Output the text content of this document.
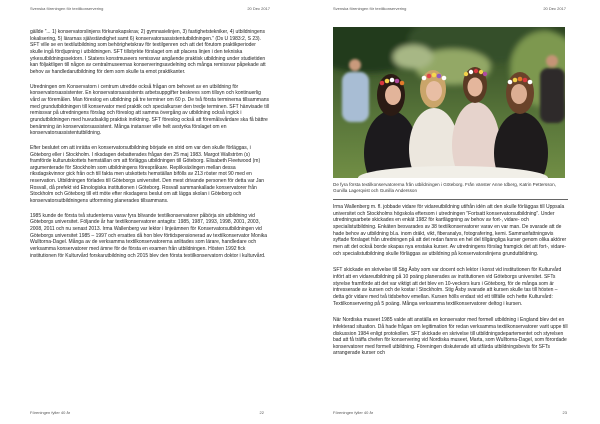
Svenska föreningen för textilkonservering	20 Dec 2017

gällde ”... 1) konservatorslinjens förkunskapskrav, 2) gymnasielinjen, 3) fastighetstekniker, 4) utbildningens lokalisering, 5) lärarnas självständighet samt 6) konservatorsassistentutbildningen.” (Ds U 1983:2, S 23). SFT ville se en textilutbildning som behörighetskrav för textilgenren och att det förutom praktikperioder skulle ingå fördjupning i utbildningen. SFT tillstyrkte förslaget om att placera linjen i den tekniska yrkesutbildningssektorn. I Statens konstmuseers remissvar angående praktisk utbildning under studietiden kan följaktligen till någon av centralmuseernas konserveringsavdelning och många remissvar påpekade att behov av handledarutbildning för dem som skulle ta emot praktikanter.

Utredningen om Konservatorn i centrum utredde också frågan om behovet av en utbildning för konservatorsassistenter. En konservatorsassistents arbetsuppgifter beskrevs som tillsyn och kontinuerlig vård av föremålen. Man föreslog en utbildning på tre terminer om 60 p. De två första terminerna tillsammans med grundutbildningen till konservator med praktik och specialkurser den tredje terminen. SFT hänvisade till remissvar på utredningens förslag och föreslog att samma övergång av utbildning också ingick i grundutbildningen med huvudsaklig praktisk inriktning. SFT föreslog också att föremålsvårdare ska få bättre benämning än konservatorsassistent. Många instanser ville helt avstyrka förslaget om en konservatorsassistentutbildning.

Efter beslutet om att inrätta en konservatorsutbildning började en strid om var den skulle förläggas, i Göteborg eller i Stockholm. I riksdagen debatterades frågan den 25 maj 1983. Margot Wallström (s) framförde kulturutskottets hemställan om att förlägga utbildningen till Göteborg. Elisabeth Fleetwood (m) argumenterade för Stockholm som utbildningens förespråkare. Replikväxlingen mellan dessa riksdagskvinnor gick från och till fakta men utskottets hemställan bifölls av 213 röster mot 90 med en reservation. Utbildningen förlades till Göteborgs universitet. Den mest drivande personen för detta var Jan Rosvall, då prefekt vid Etnologiska institutionen i Göteborg. Rosvall sammankallade konservatorer från Stockholm och Göteborg till ett möte efter riksdagens beslut om att lägga skolan i Göteborg och konservatorsutbildningens utformning planerades tillsammans.

1985 kunde de första två studenterna varav fyra blivande textilkonservatorer påbörja sin utbildning vid Göteborgs universitet. Följande år har textilkonservatorer antagits: 1985, 1987, 1993, 1998, 2001, 2003, 2008, 2011 och nu senast 2013. Irma Wallenberg var lektor i linjeämnen för Konservatorsutbildningen vid Göteborgs universitet 1985 – 1997 och ersattes då hon blev förtidspensionerad av textilkonservator Monika Wulltorna-Dagel. Många av de verksamma textilkonservatorerna anlitades som lärare, handledare och verksamma konservatorer med ämne för de första en examen från utbildningen. Hösten 1992 fick institutionen för Kulturvård forskarutbildning och 2015 blev den första textilkonservatorn doktor i kulturvård.

Föreningen fyller 40 år	22
Svenska föreningen för textilkonservering	20 Dec 2017
De fyra första textilkonservatorerna från utbildningen i Göteborg. Från vänster Anne Idberg, Katrin Pettersson, Gunilla Lagerqvist och Gunilla Andersson

Irma Wallenberg m. fl. jobbade vidare för vidareutbildning utifrån idén att den skulle förläggas till Uppsala universitet och Stockholms högskola eftersom i utredningen ”Fortsatt konservatorsutbildning”. Under utredningsarbete skickades en enkät 1982 för kartläggning av behov av fort-, vidare- och specialistutbildning. Enkäten besvarades av 38 textilkonservatorer varav en var man. De svarade att de hade behov av utbildning bl.a. inom dräkt, vikt, fiberanalys, fotografering, kemi. Sammanfattningsvis syftade förslaget från utredningen på att det redan fanns en hel del tillgängliga kurser genom olika aktörer men att det också borde skapas nya enstaka kurser. Av utredningens förslag framgick det att fort-, vidare- och specialistutbildning skulle förläggas av utbildning på konservatorslinjens grundutbildning.

SFT skickade en skrivelse till Stig Åsby som var docent och lektor i konst vid institutionen för Kulturvård infört att en vidareutbildning på 10 poäng planerades av institutionen vid Göteborgs universitet. SFTs styrelse framförde att det var viktigt att det blev en 10-veckors kurs i Göteborg, för de många som är intresserade av kursen och de kostar i Stockholm. Stig Åsby svarade att kursen skulle tas till hösten – detta gör vidare med två tidsbehov emellan. Kursen hölls endast vid ett tillfälle och hette Kulturvård: Textilkonservering på 5 poäng. Många verksamma textilkonservatorer deltog i kursen.

När Nordiska museet 1985 valde att anställa en konservator med formell utbildning i England blev det en infekterad situation. Då hade frågan om legitimation för redan verksamma textilkonservatorer varit uppe till diskussion 1984 enligt protokollen. SFT skickade en skrivelse till utbildningsdepartementet och styrelsen bad att få träffa chefen för konservering vid Nordiska museet, Marta, som Wulltorna-Dagel, som förordade konservatorer med formell utbildning. Föreningen diskuterade att utfärda utbildningsbevis för SFTs arrangerade kurser och

Föreningen fyller 40 år	23
